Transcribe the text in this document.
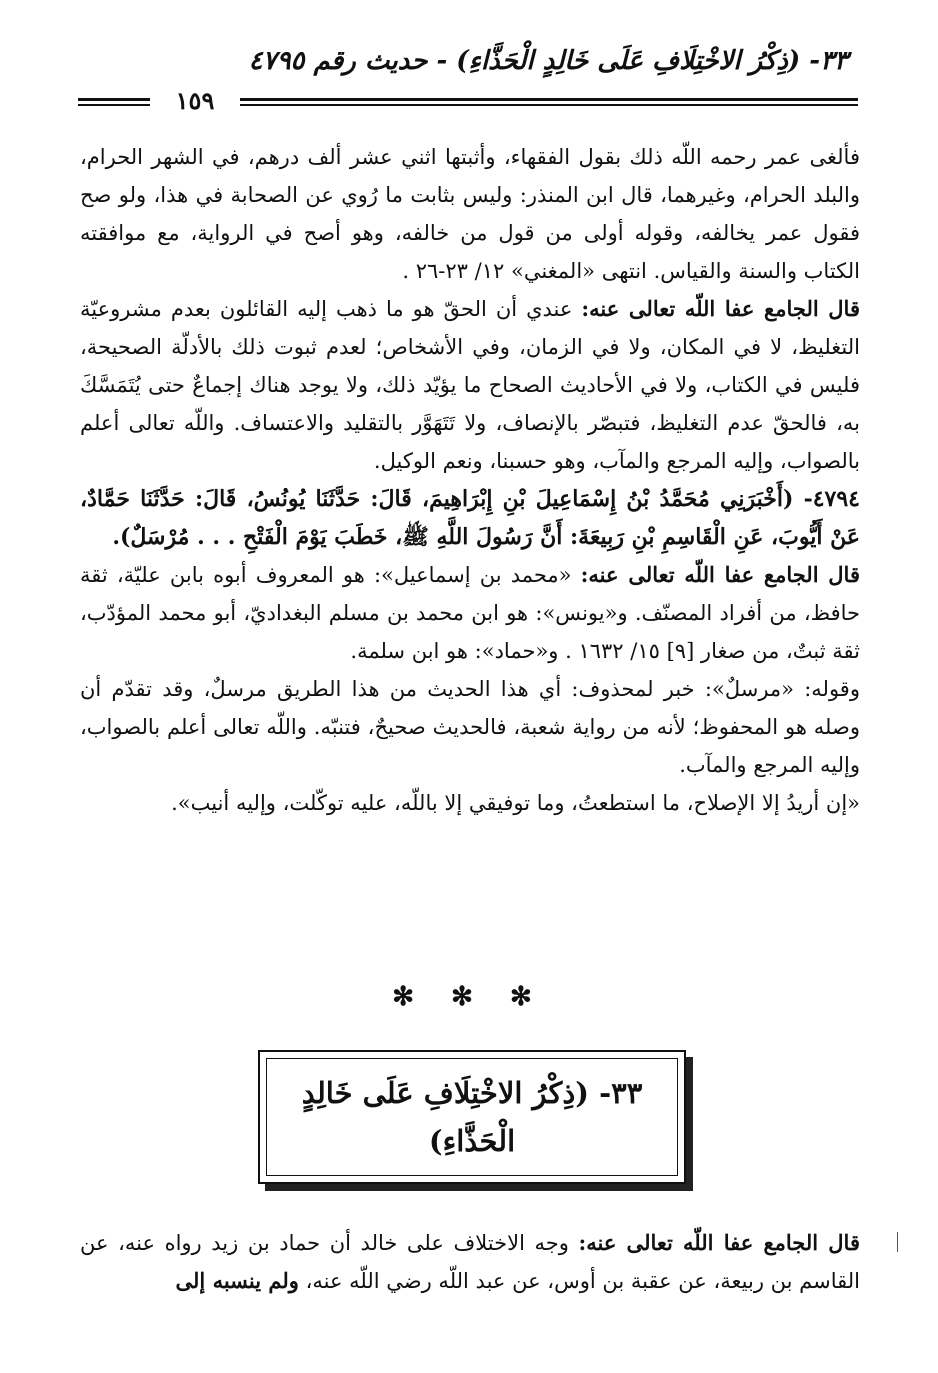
٣٣- (ذِكْرُ الاخْتِلَافِ عَلَى خَالِدٍ الْحَذَّاءِ) - حديث رقم ٤٧٩٥
١٥٩

فألغى عمر رحمه اللّه ذلك بقول الفقهاء، وأثبتها اثني عشر ألف درهم، في الشهر الحرام، والبلد الحرام، وغيرهما، قال ابن المنذر: وليس بثابت ما رُوي عن الصحابة في هذا، ولو صح فقول عمر يخالفه، وقوله أولى من قول من خالفه، وهو أصح في الرواية، مع موافقته الكتاب والسنة والقياس. انتهى «المغني» ١٢/ ٢٣-٢٦ .

قال الجامع عفا اللّه تعالى عنه: عندي أن الحقّ هو ما ذهب إليه القائلون بعدم مشروعيّة التغليظ، لا في المكان، ولا في الزمان، وفي الأشخاص؛ لعدم ثبوت ذلك بالأدلّة الصحيحة، فليس في الكتاب، ولا في الأحاديث الصحاح ما يؤيّد ذلك، ولا يوجد هناك إجماعٌ حتى يُتَمَسَّكَ به، فالحقّ عدم التغليظ، فتبصّر بالإنصاف، ولا تَتَهَوَّر بالتقليد والاعتساف. واللّه تعالى أعلم بالصواب، وإليه المرجع والمآب، وهو حسبنا، ونعم الوكيل.

٤٧٩٤- (أَخْبَرَنِي مُحَمَّدُ بْنُ إِسْمَاعِيلَ بْنِ إِبْرَاهِيمَ، قَالَ: حَدَّثَنَا يُونُسُ، قَالَ: حَدَّثَنَا حَمَّادٌ، عَنْ أَيُّوبَ، عَنِ الْقَاسِمِ بْنِ رَبِيعَةَ: أَنَّ رَسُولَ اللَّهِ ﷺ، خَطَبَ يَوْمَ الْفَتْحِ . . . مُرْسَلٌ).

قال الجامع عفا اللّه تعالى عنه: «محمد بن إسماعيل»: هو المعروف أبوه بابن عليّة، ثقة حافظ، من أفراد المصنّف. و«يونس»: هو ابن محمد بن مسلم البغداديّ، أبو محمد المؤدّب، ثقة ثبتٌ، من صغار [٩] ١٥/ ١٦٣٢ . و«حماد»: هو ابن سلمة.

وقوله: «مرسلٌ»: خبر لمحذوف: أي هذا الحديث من هذا الطريق مرسلٌ، وقد تقدّم أن وصله هو المحفوظ؛ لأنه من رواية شعبة، فالحديث صحيحٌ، فتنبّه. واللّه تعالى أعلم بالصواب، وإليه المرجع والمآب.

«إن أريدُ إلا الإصلاح، ما استطعتُ، وما توفيقي إلا باللّه، عليه توكّلت، وإليه أنيب».

✻ ✻ ✻
٣٣- (ذِكْرُ الاخْتِلَافِ عَلَى خَالِدٍ
الْحَذَّاءِ)

قال الجامع عفا اللّه تعالى عنه: وجه الاختلاف على خالد أن حماد بن زيد رواه عنه، عن القاسم بن ربيعة، عن عقبة بن أوس، عن عبد اللّه رضي اللّه عنه، ولم ينسبه إلى
